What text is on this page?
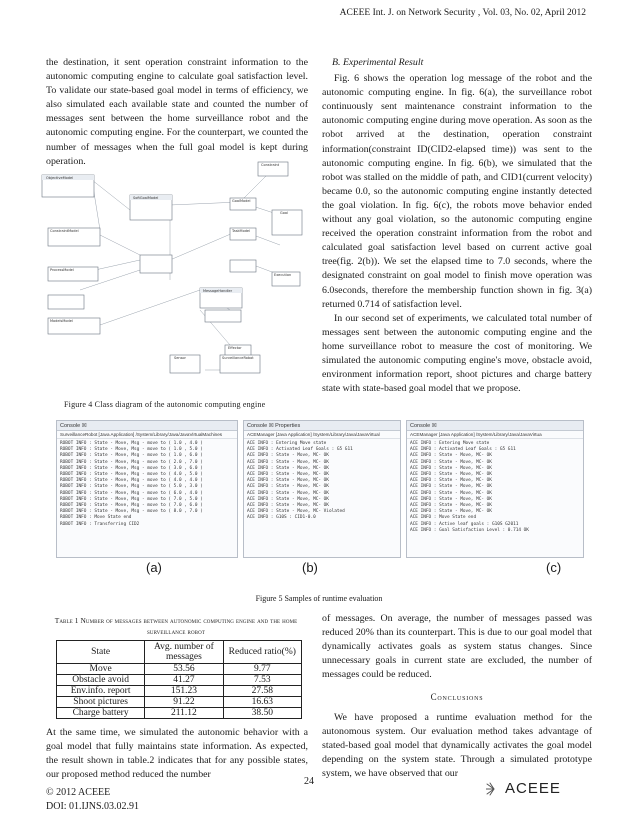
ACEEE Int. J. on Network Security , Vol. 03, No. 02, April 2012

the destination, it sent operation constraint information to the autonomic computing engine to calculate goal satisfaction level. To validate our state-based goal model in terms of efficiency, we also simulated each available state and counted the number of messages sent between the home surveillance robot and the autonomic computing engine. For the counterpart, we counted the number of messages when the full goal model is kept during operation.

B. Experimental Result

Fig. 6 shows the operation log message of the robot and the autonomic computing engine. In fig. 6(a), the surveillance robot continuously sent maintenance constraint information to the autonomic computing engine during move operation. As soon as the robot arrived at the destination, operation constraint information(constraint ID(CID2-elapsed time)) was sent to the autonomic computing engine. In fig. 6(b), we simulated that the robot was stalled on the middle of path, and CID1(current velocity) became 0.0, so the autonomic computing engine instantly detected the goal violation. In fig. 6(c), the robots move behavior ended without any goal violation, so the autonomic computing engine received the operation constraint information from the robot and calculated goal satisfaction level based on current active goal tree(fig. 2(b)). We set the elapsed time to 7.0 seconds, where the designated constraint on goal model to finish move operation was 6.0seconds, therefore the membership function shown in fig. 3(a) returned 0.714 of satisfaction level.

In our second set of experiments, we calculated total number of messages sent between the autonomic computing engine and the home surveillance robot to measure the cost of monitoring. We simulated the autonomic computing engine's move, obstacle avoid, environment information report, shoot pictures and charge battery state with state-based goal model that we propose.

ObjectiveModel
SoftGoalModel
Constraint
GoalModel
Goal
ConstraintModel	TaskModel
Execution
ProcessModel
MessageHandler
ModelsModel
Effector
Sensor	SurveillanceRobot
Figure 4 Class diagram of the autonomic computing engine
Console ☒
SurveillanceRobot [Java Application] /System/Library/Java/JavaVirtualMachines
ROBOT INFO : State - Move, Msg - move to ( 1.0 , 4.0 )
ROBOT INFO : State - Move, Msg - move to ( 1.0 , 5.0 )
ROBOT INFO : State - Move, Msg - move to ( 1.0 , 6.0 )
ROBOT INFO : State - Move, Msg - move to ( 2.0 , 7.0 )
ROBOT INFO : State - Move, Msg - move to ( 3.0 , 6.0 )
ROBOT INFO : State - Move, Msg - move to ( 4.0 , 5.0 )
ROBOT INFO : State - Move, Msg - move to ( 4.0 , 4.0 )
ROBOT INFO : State - Move, Msg - move to ( 5.0 , 3.0 )
ROBOT INFO : State - Move, Msg - move to ( 6.0 , 4.0 )
ROBOT INFO : State - Move, Msg - move to ( 7.0 , 5.0 )
ROBOT INFO : State - Move, Msg - move to ( 7.0 , 6.0 )
ROBOT INFO : State - Move, Msg - move to ( 8.0 , 7.0 )
ROBOT INFO : Move State end
ROBOT INFO : Transferring CID2
Console ☒ Properties
ACEManager [Java Application] /System/Library/Java/JavaVirtual
ACE INFO : Entering Move state
ACE INFO : Activated Leaf Goals : G5 G11
ACE INFO : State - Move, MC- OK
ACE INFO : State - Move, MC- OK
ACE INFO : State - Move, MC- OK
ACE INFO : State - Move, MC- OK
ACE INFO : State - Move, MC- OK
ACE INFO : State - Move, MC- OK
ACE INFO : State - Move, MC- OK
ACE INFO : State - Move, MC- OK
ACE INFO : State - Move, MC- OK
ACE INFO : State - Move, MC- Violated
ACE INFO : G10S : CID1-0.0
Console ☒
ACEManager [Java Application] /System/Library/Java/JavaVirtua
ACE INFO : Entering Move state
ACE INFO : Activated Leaf Goals : G5 G11
ACE INFO : State - Move, MC- OK
ACE INFO : State - Move, MC- OK
ACE INFO : State - Move, MC- OK
ACE INFO : State - Move, MC- OK
ACE INFO : State - Move, MC- OK
ACE INFO : State - Move, MC- OK
ACE INFO : State - Move, MC- OK
ACE INFO : State - Move, MC- OK
ACE INFO : State - Move, MC- OK
ACE INFO : State - Move, MC- OK
ACE INFO : Move State end
ACE INFO : Active leaf goals : G10S G2011
ACE INFO : Goal Satisfaction Level : 0.714 OK
(a)	(b)	(c)
Figure 5 Samples of runtime evaluation
Table 1 Number of messages between autonomic computing engine and the home surveillance robot
State	Avg. number of messages	Reduced ratio(%)
Move	53.56	9.77
Obstacle avoid	41.27	7.53
Env.info. report	151.23	27.58
Shoot pictures	91.22	16.63
Charge battery	211.12	38.50

At the same time, we simulated the autonomic behavior with a goal model that fully maintains state information. As expected, the result shown in table.2 indicates that for any possible states, our proposed method reduced the number

of messages. On average, the number of messages passed was reduced 20% than its counterpart. This is due to our goal model that dynamically activates goals as system status changes. Since unnecessary goals in current state are excluded, the number of messages could be reduced.

Conclusions

We have proposed a runtime evaluation method for the autonomous system. Our evaluation method takes advantage of stated-based goal model that dynamically activates the goal model depending on the system state. Through a simulated prototype system, we have observed that our

© 2012 ACEEE
DOI: 01.IJNS.03.02.91
24	ACEEE
